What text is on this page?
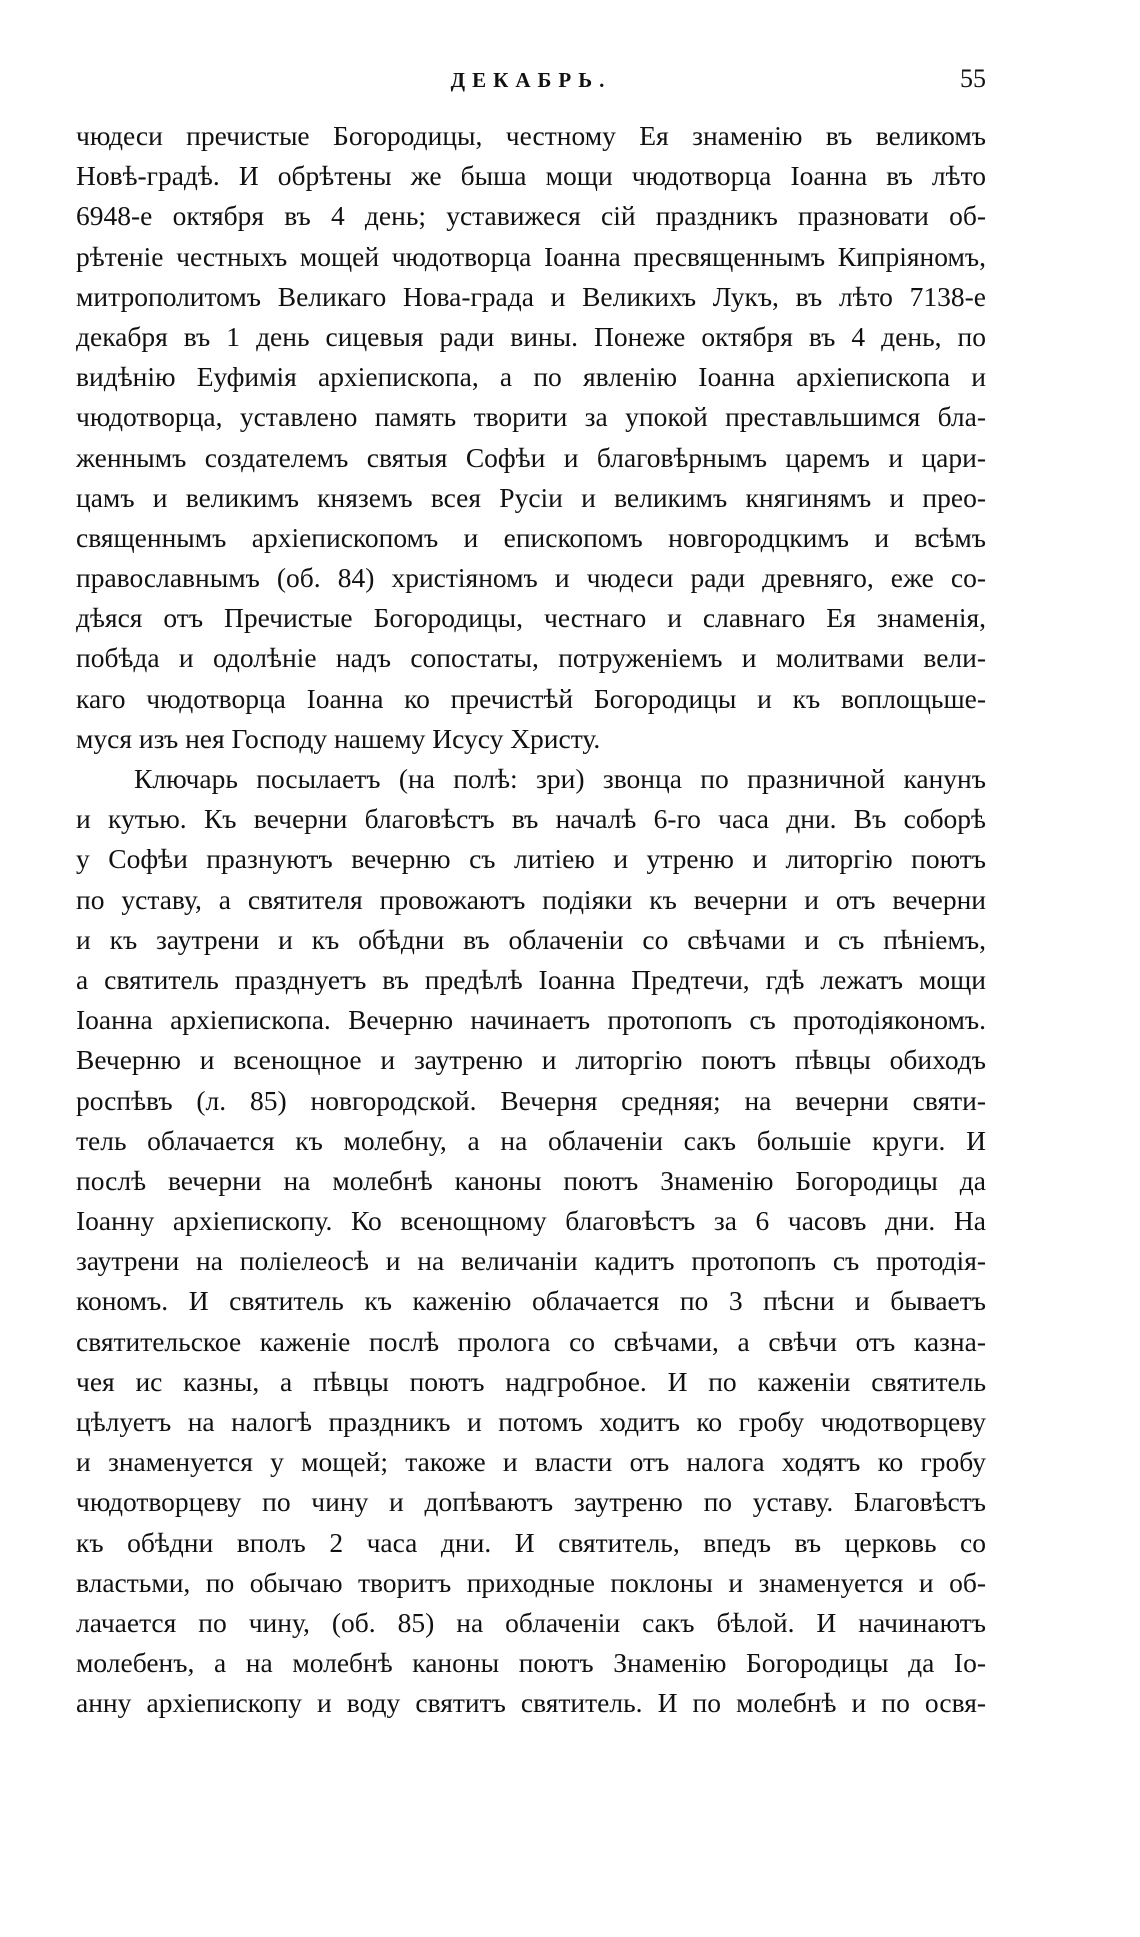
ДЕКАБРЬ.	55
чюдеси пречистые Богородицы, честному Ея знаменію въ великомъ
Новѣ-градѣ. И обрѣтены же быша мощи чюдотворца Іоанна въ лѣто
6948-е октября въ 4 день; уставижеся сій праздникъ празновати об-
рѣтеніе честныхъ мощей чюдотворца Іоанна пресвященнымъ Кипріяномъ,
митрополитомъ Великаго Нова-града и Великихъ Лукъ, въ лѣто 7138-е
декабря въ 1 день сицевыя ради вины. Понеже октября въ 4 день, по
видѣнію Еуфимія архіепископа, а по явленію Іоанна архіепископа и
чюдотворца, уставлено память творити за упокой преставльшимся бла-
женнымъ создателемъ святыя Софѣи и благовѣрнымъ царемъ и цари-
цамъ и великимъ княземъ всея Русіи и великимъ княгинямъ и прео-
священнымъ архіепископомъ и епископомъ новгородцкимъ и всѣмъ
православнымъ (об. 84) христіяномъ и чюдеси ради древняго, еже со-
дѣяся отъ Пречистые Богородицы, честнаго и славнаго Ея знаменія,
побѣда и одолѣніе надъ сопостаты, потруженіемъ и молитвами вели-
каго чюдотворца Іоанна ко пречистѣй Богородицы и къ воплощьше-
муся изъ нея Господу нашему Исусу Христу.
Ключарь посылаетъ (на полѣ: зри) звонца по празничной канунъ
и кутью. Къ вечерни благовѣстъ въ началѣ 6-го часа дни. Въ соборѣ
у Софѣи празнуютъ вечерню съ литіею и утреню и литоргію поютъ
по уставу, а святителя провожаютъ подіяки къ вечерни и отъ вечерни
и къ заутрени и къ обѣдни въ облаченіи со свѣчами и съ пѣніемъ,
а святитель празднуетъ въ предѣлѣ Іоанна Предтечи, гдѣ лежатъ мощи
Іоанна архіепископа. Вечерню начинаетъ протопопъ съ протодіякономъ.
Вечерню и всенощное и заутреню и литоргію поютъ пѣвцы обиходъ
роспѣвъ (л. 85) новгородской. Вечерня средняя; на вечерни святи-
тель облачается къ молебну, а на облаченіи сакъ большіе круги. И
послѣ вечерни на молебнѣ каноны поютъ Знаменію Богородицы да
Іоанну архіепископу. Ко всенощному благовѣстъ за 6 часовъ дни. На
заутрени на поліелеосѣ и на величаніи кадитъ протопопъ съ протодія-
кономъ. И святитель къ каженію облачается по 3 пѣсни и бываетъ
святительское каженіе послѣ пролога со свѣчами, а свѣчи отъ казна-
чея ис казны, а пѣвцы поютъ надгробное. И по каженіи святитель
цѣлуетъ на налогѣ праздникъ и потомъ ходитъ ко гробу чюдотворцеву
и знаменуется у мощей; такоже и власти отъ налога ходятъ ко гробу
чюдотворцеву по чину и допѣваютъ заутреню по уставу. Благовѣстъ
къ обѣдни вполъ 2 часа дни. И святитель, впедъ въ церковь со
властьми, по обычаю творитъ приходные поклоны и знаменуется и об-
лачается по чину, (об. 85) на облаченіи сакъ бѣлой. И начинаютъ
молебенъ, а на молебнѣ каноны поютъ Знаменію Богородицы да Іо-
анну архіепископу и воду святитъ святитель. И по молебнѣ и по освя-
